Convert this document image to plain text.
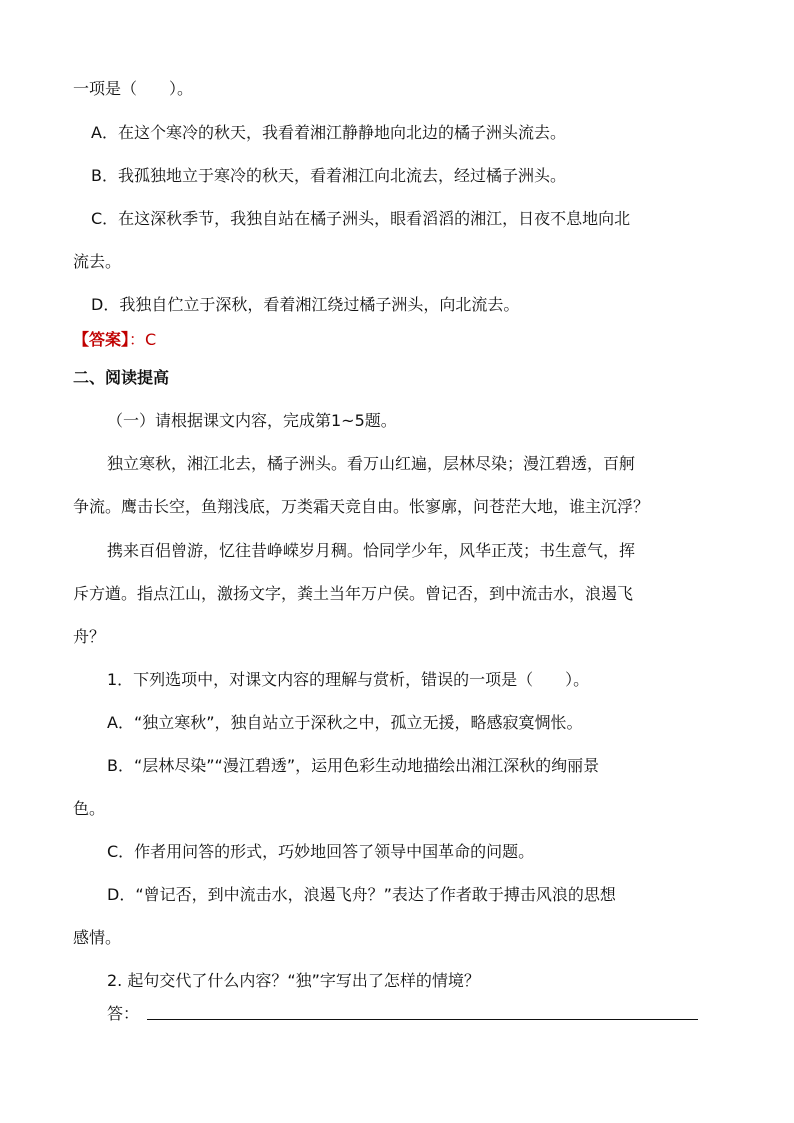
一项是（　　）。
A．在这个寒冷的秋天，我看着湘江静静地向北边的橘子洲头流去。
B．我孤独地立于寒冷的秋天，看着湘江向北流去，经过橘子洲头。
C．在这深秋季节，我独自站在橘子洲头，眼看滔滔的湘江，日夜不息地向北
流去。
D．我独自伫立于深秋，看着湘江绕过橘子洲头，向北流去。
【答案】：C
二、阅读提高
（一）请根据课文内容，完成第1~5题。
独立寒秋，湘江北去，橘子洲头。看万山红遍，层林尽染；漫江碧透，百舸
争流。鹰击长空，鱼翔浅底，万类霜天竞自由。怅寥廓，问苍茫大地，谁主沉浮？
携来百侣曾游，忆往昔峥嵘岁月稠。恰同学少年，风华正茂；书生意气，挥
斥方遒。指点江山，激扬文字，粪土当年万户侯。曾记否，到中流击水，浪遏飞
舟？
1．下列选项中，对课文内容的理解与赏析，错误的一项是（　　）。
A．“独立寒秋”，独自站立于深秋之中，孤立无援，略感寂寞惆怅。
B．“层林尽染”“漫江碧透”，运用色彩生动地描绘出湘江深秋的绚丽景
色。
C．作者用问答的形式，巧妙地回答了领导中国革命的问题。
D．“曾记否，到中流击水，浪遏飞舟？”表达了作者敢于搏击风浪的思想
感情。
2. 起句交代了什么内容？“独”字写出了怎样的情境？
答：
